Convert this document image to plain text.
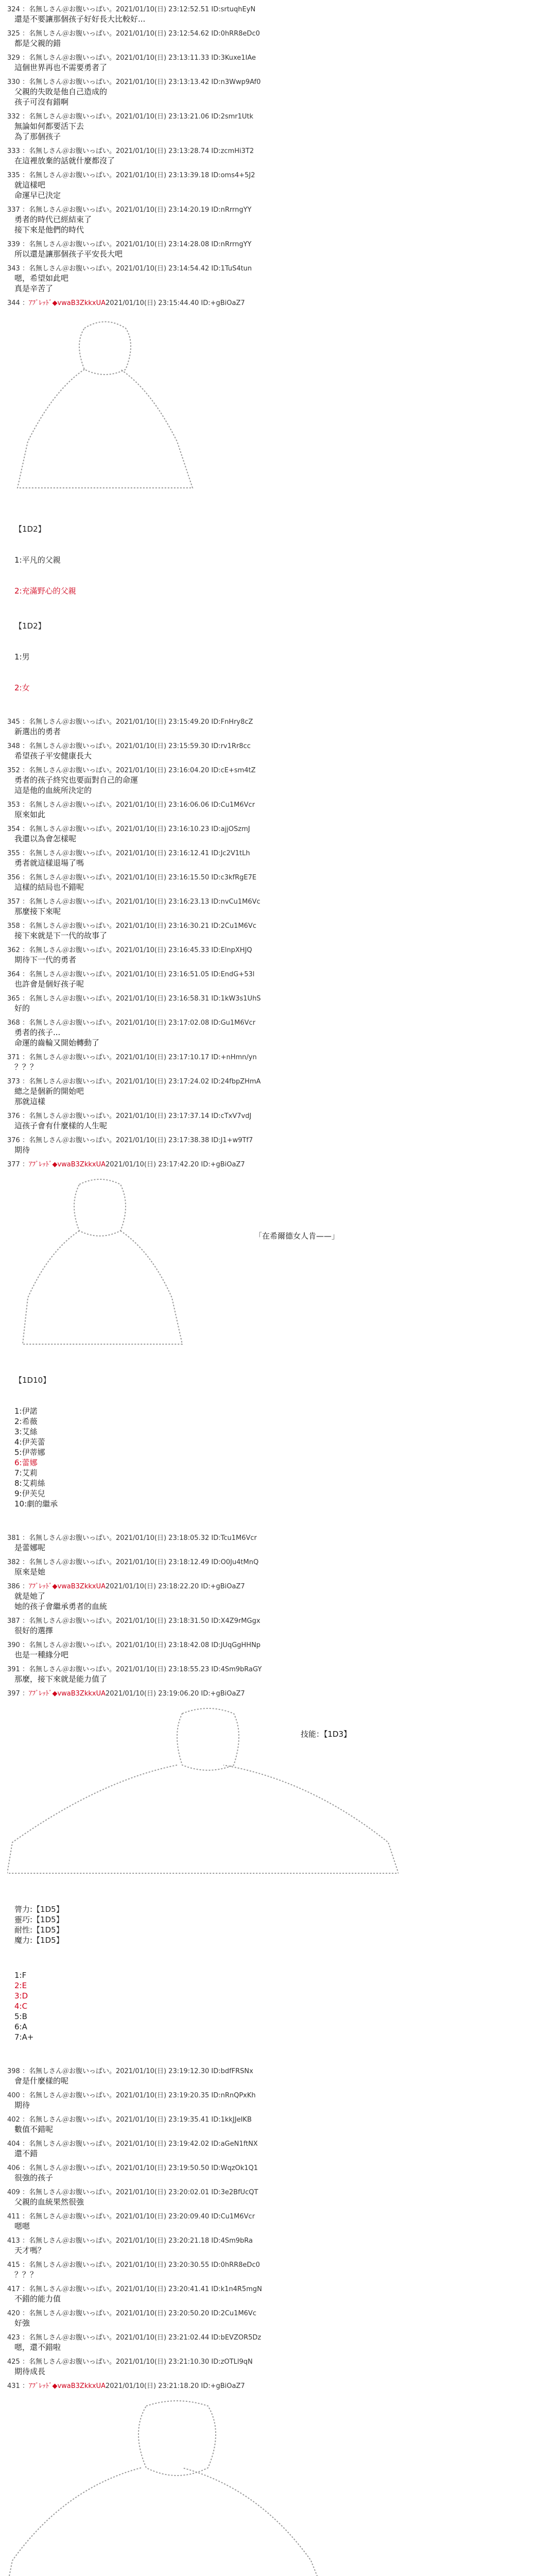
324 ：名無しさん＠お腹いっぱい。2021/01/10(日) 23:12:52.51 ID:srtuqhEyN
還是不要讓那個孩子好好長大比較好...
325 ：名無しさん＠お腹いっぱい。2021/01/10(日) 23:12:54.62 ID:0hRR8eDc0
都是父親的錯
329 ：名無しさん＠お腹いっぱい。2021/01/10(日) 23:13:11.33 ID:3Kuxe1IAe
這個世界再也不需要勇者了
330 ：名無しさん＠お腹いっぱい。2021/01/10(日) 23:13:13.42 ID:n3Wwp9Af0
父親的失敗是他自己造成的
孩子可沒有錯啊
332 ：名無しさん＠お腹いっぱい。2021/01/10(日) 23:13:21.06 ID:2smr1Utk
無論如何都要活下去
為了那個孩子
333 ：名無しさん＠お腹いっぱい。2021/01/10(日) 23:13:28.74 ID:zcmHi3T2
在這裡放棄的話就什麼都沒了
335 ：名無しさん＠お腹いっぱい。2021/01/10(日) 23:13:39.18 ID:oms4+5J2
就這樣吧
命運早已決定
337 ：名無しさん＠お腹いっぱい。2021/01/10(日) 23:14:20.19 ID:nRrrngYY
勇者的時代已經結束了
接下來是他們的時代
339 ：名無しさん＠お腹いっぱい。2021/01/10(日) 23:14:28.08 ID:nRrrngYY
所以還是讓那個孩子平安長大吧
343 ：名無しさん＠お腹いっぱい。2021/01/10(日) 23:14:54.42 ID:1TuS4tun
嗯，希望如此吧
真是辛苦了
344 ：ｱﾌﾞﾚｯﾄﾞ◆vwaB3ZkkxUA2021/01/10(日) 23:15:44.40 ID:+gBiOaZ7

【1D2】

1:平凡的父親

2:充滿野心的父親

【1D2】

1:男

2:女

345 ：名無しさん＠お腹いっぱい。2021/01/10(日) 23:15:49.20 ID:FnHry8cZ
新選出的勇者
348 ：名無しさん＠お腹いっぱい。2021/01/10(日) 23:15:59.30 ID:rv1Rr8cc
希望孩子平安健康長大
352 ：名無しさん＠お腹いっぱい。2021/01/10(日) 23:16:04.20 ID:cE+sm4tZ
勇者的孩子終究也要面對自己的命運
這是他的血統所決定的
353 ：名無しさん＠お腹いっぱい。2021/01/10(日) 23:16:06.06 ID:Cu1M6Vcr
原來如此
354 ：名無しさん＠お腹いっぱい。2021/01/10(日) 23:16:10.23 ID:ajjOSzmJ
我還以為會怎樣呢
355 ：名無しさん＠お腹いっぱい。2021/01/10(日) 23:16:12.41 ID:Jc2V1tLh
勇者就這樣退場了嗎
356 ：名無しさん＠お腹いっぱい。2021/01/10(日) 23:16:15.50 ID:c3kfRgE7E
這樣的結局也不錯呢
357 ：名無しさん＠お腹いっぱい。2021/01/10(日) 23:16:23.13 ID:nvCu1M6Vc
那麼接下來呢
358 ：名無しさん＠お腹いっぱい。2021/01/10(日) 23:16:30.21 ID:2Cu1M6Vc
接下來就是下一代的故事了
362 ：名無しさん＠お腹いっぱい。2021/01/10(日) 23:16:45.33 ID:ElnpXHJQ
期待下一代的勇者
364 ：名無しさん＠お腹いっぱい。2021/01/10(日) 23:16:51.05 ID:EndG+53l
也許會是個好孩子呢
365 ：名無しさん＠お腹いっぱい。2021/01/10(日) 23:16:58.31 ID:1kW3s1UhS
好的
368 ：名無しさん＠お腹いっぱい。2021/01/10(日) 23:17:02.08 ID:Gu1M6Vcr
勇者的孩子...
命運的齒輪又開始轉動了
371 ：名無しさん＠お腹いっぱい。2021/01/10(日) 23:17:10.17 ID:+nHmn/yn
？？？
373 ：名無しさん＠お腹いっぱい。2021/01/10(日) 23:17:24.02 ID:24fbpZHmA
總之是個新的開始吧
那就這樣
376 ：名無しさん＠お腹いっぱい。2021/01/10(日) 23:17:37.14 ID:cTxV7vdJ
這孩子會有什麼樣的人生呢
376 ：名無しさん＠お腹いっぱい。2021/01/10(日) 23:17:38.38 ID:J1+w9Tf7
期待
377 ：ｱﾌﾞﾚｯﾄﾞ◆vwaB3ZkkxUA2021/01/10(日) 23:17:42.20 ID:+gBiOaZ7
「在希爾德女人肯——」

【1D10】

1:伊諾
2:希薇
3:艾絲
4:伊芙蕾
5:伊蒂娜
6:蕾娜
7:艾莉
8:艾莉絲
9:伊芙兒
10:劇的繼承

381 ：名無しさん＠お腹いっぱい。2021/01/10(日) 23:18:05.32 ID:Tcu1M6Vcr
是蕾娜呢
382 ：名無しさん＠お腹いっぱい。2021/01/10(日) 23:18:12.49 ID:O0Ju4tMnQ
原來是她
386 ：ｱﾌﾞﾚｯﾄﾞ◆vwaB3ZkkxUA2021/01/10(日) 23:18:22.20 ID:+gBiOaZ7
就是她了
她的孩子會繼承勇者的血統
387 ：名無しさん＠お腹いっぱい。2021/01/10(日) 23:18:31.50 ID:X4Z9rMGgx
很好的選擇
390 ：名無しさん＠お腹いっぱい。2021/01/10(日) 23:18:42.08 ID:JUqGgHHNp
也是一種緣分吧
391 ：名無しさん＠お腹いっぱい。2021/01/10(日) 23:18:55.23 ID:4Sm9bRaGY
那麼，接下來就是能力值了
397 ：ｱﾌﾞﾚｯﾄﾞ◆vwaB3ZkkxUA2021/01/10(日) 23:19:06.20 ID:+gBiOaZ7
技能：【1D3】

膂力:【1D5】
靈巧:【1D5】
耐性:【1D5】
魔力:【1D5】

1:F
2:E
3:D
4:C
5:B
6:A
7:A+

398 ：名無しさん＠お腹いっぱい。2021/01/10(日) 23:19:12.30 ID:bdfFRSNx
會是什麼樣的呢
400 ：名無しさん＠お腹いっぱい。2021/01/10(日) 23:19:20.35 ID:nRnQPxKh
期待
402 ：名無しさん＠お腹いっぱい。2021/01/10(日) 23:19:35.41 ID:1kkJJeIKB
數值不錯呢
404 ：名無しさん＠お腹いっぱい。2021/01/10(日) 23:19:42.02 ID:aGeN1ftNX
還不錯
406 ：名無しさん＠お腹いっぱい。2021/01/10(日) 23:19:50.50 ID:WqzOk1Q1
很強的孩子
409 ：名無しさん＠お腹いっぱい。2021/01/10(日) 23:20:02.01 ID:3e2BfUcQT
父親的血統果然很強
411 ：名無しさん＠お腹いっぱい。2021/01/10(日) 23:20:09.40 ID:Cu1M6Vcr
嗯嗯
413 ：名無しさん＠お腹いっぱい。2021/01/10(日) 23:20:21.18 ID:4Sm9bRa
天才嗎？
415 ：名無しさん＠お腹いっぱい。2021/01/10(日) 23:20:30.55 ID:0hRR8eDc0
？？？
417 ：名無しさん＠お腹いっぱい。2021/01/10(日) 23:20:41.41 ID:k1n4R5mgN
不錯的能力值
420 ：名無しさん＠お腹いっぱい。2021/01/10(日) 23:20:50.20 ID:2Cu1M6Vc
好強
423 ：名無しさん＠お腹いっぱい。2021/01/10(日) 23:21:02.44 ID:bEVZOR5Dz
嗯，還不錯啦
425 ：名無しさん＠お腹いっぱい。2021/01/10(日) 23:21:10.30 ID:zOTLl9qN
期待成長
431 ：ｱﾌﾞﾚｯﾄﾞ◆vwaB3ZkkxUA2021/01/10(日) 23:21:18.20 ID:+gBiOaZ7
